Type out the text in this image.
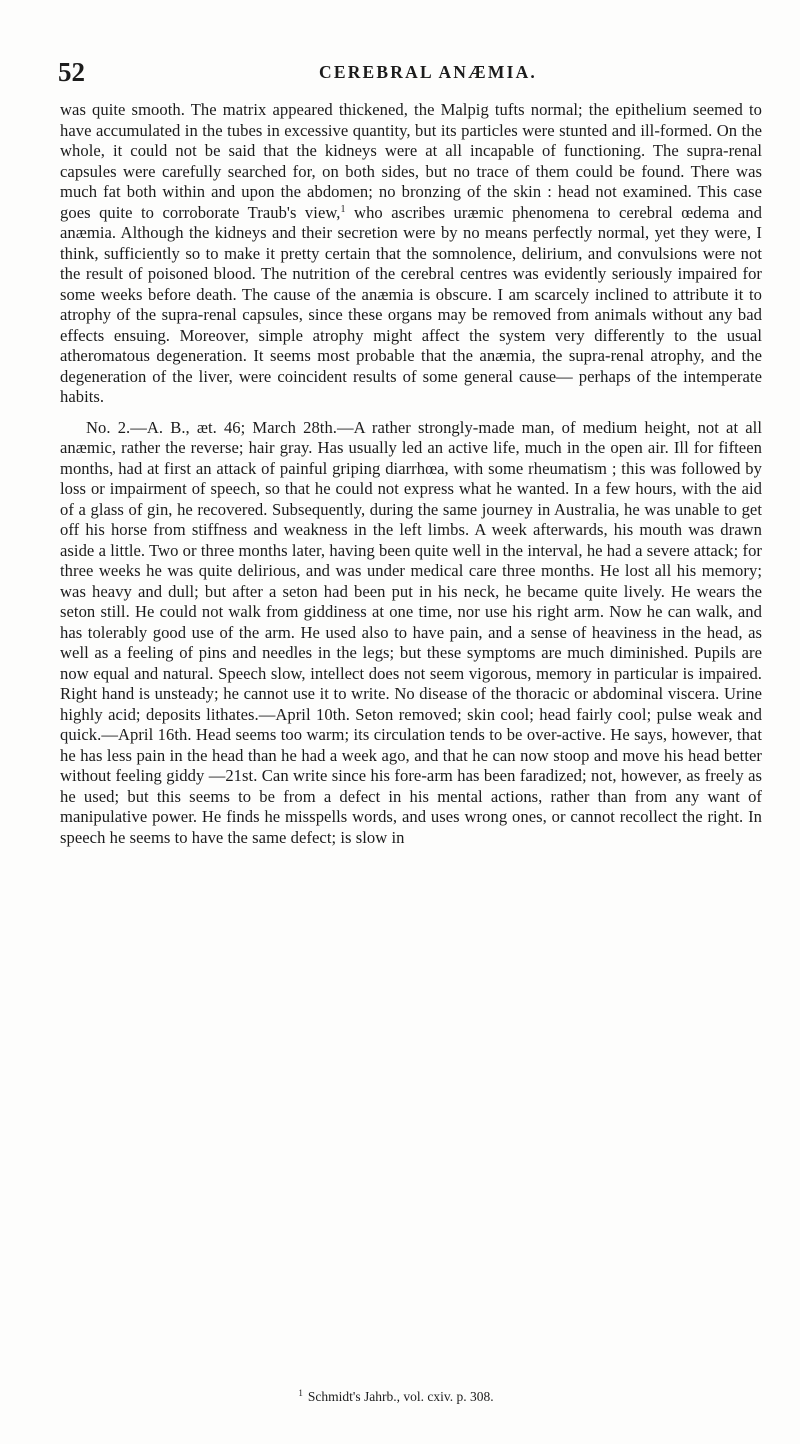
52	CEREBRAL ANÆMIA.

was quite smooth. The matrix appeared thickened, the Malpig tufts normal; the epithelium seemed to have accumulated in the tubes in excessive quantity, but its particles were stunted and ill-formed. On the whole, it could not be said that the kidneys were at all incapable of functioning. The supra-renal capsules were carefully searched for, on both sides, but no trace of them could be found. There was much fat both within and upon the abdomen; no bronzing of the skin : head not examined. This case goes quite to corroborate Traub's view,$^1$ who ascribes uræmic phenomena to cerebral œdema and anæmia. Although the kidneys and their secretion were by no means perfectly normal, yet they were, I think, sufficiently so to make it pretty certain that the somnolence, delirium, and convulsions were not the result of poisoned blood. The nutrition of the cerebral centres was evidently seriously impaired for some weeks before death. The cause of the anæmia is obscure. I am scarcely inclined to attribute it to atrophy of the supra-renal capsules, since these organs may be removed from animals without any bad effects ensuing. Moreover, simple atrophy might affect the system very differently to the usual atheromatous degeneration. It seems most probable that the anæmia, the supra-renal atrophy, and the degeneration of the liver, were coincident results of some general cause— perhaps of the intemperate habits.

No. 2.—A. B., æt. 46; March 28th.—A rather strongly-made man, of medium height, not at all anæmic, rather the reverse; hair gray. Has usually led an active life, much in the open air. Ill for fifteen months, had at first an attack of painful griping diarrhœa, with some rheumatism ; this was followed by loss or impairment of speech, so that he could not express what he wanted. In a few hours, with the aid of a glass of gin, he recovered. Subsequently, during the same journey in Australia, he was unable to get off his horse from stiffness and weakness in the left limbs. A week afterwards, his mouth was drawn aside a little. Two or three months later, having been quite well in the interval, he had a severe attack; for three weeks he was quite delirious, and was under medical care three months. He lost all his memory; was heavy and dull; but after a seton had been put in his neck, he became quite lively. He wears the seton still. He could not walk from giddiness at one time, nor use his right arm. Now he can walk, and has tolerably good use of the arm. He used also to have pain, and a sense of heaviness in the head, as well as a feeling of pins and needles in the legs; but these symptoms are much diminished. Pupils are now equal and natural. Speech slow, intellect does not seem vigorous, memory in particular is impaired. Right hand is unsteady; he cannot use it to write. No disease of the thoracic or abdominal viscera. Urine highly acid; deposits lithates.—April 10th. Seton removed; skin cool; head fairly cool; pulse weak and quick.—April 16th. Head seems too warm; its circulation tends to be over-active. He says, however, that he has less pain in the head than he had a week ago, and that he can now stoop and move his head better without feeling giddy —21st. Can write since his fore-arm has been faradized; not, however, as freely as he used; but this seems to be from a defect in his mental actions, rather than from any want of manipulative power. He finds he misspells words, and uses wrong ones, or cannot recollect the right. In speech he seems to have the same defect; is slow in

$^1$ Schmidt's Jahrb., vol. cxiv. p. 308.
